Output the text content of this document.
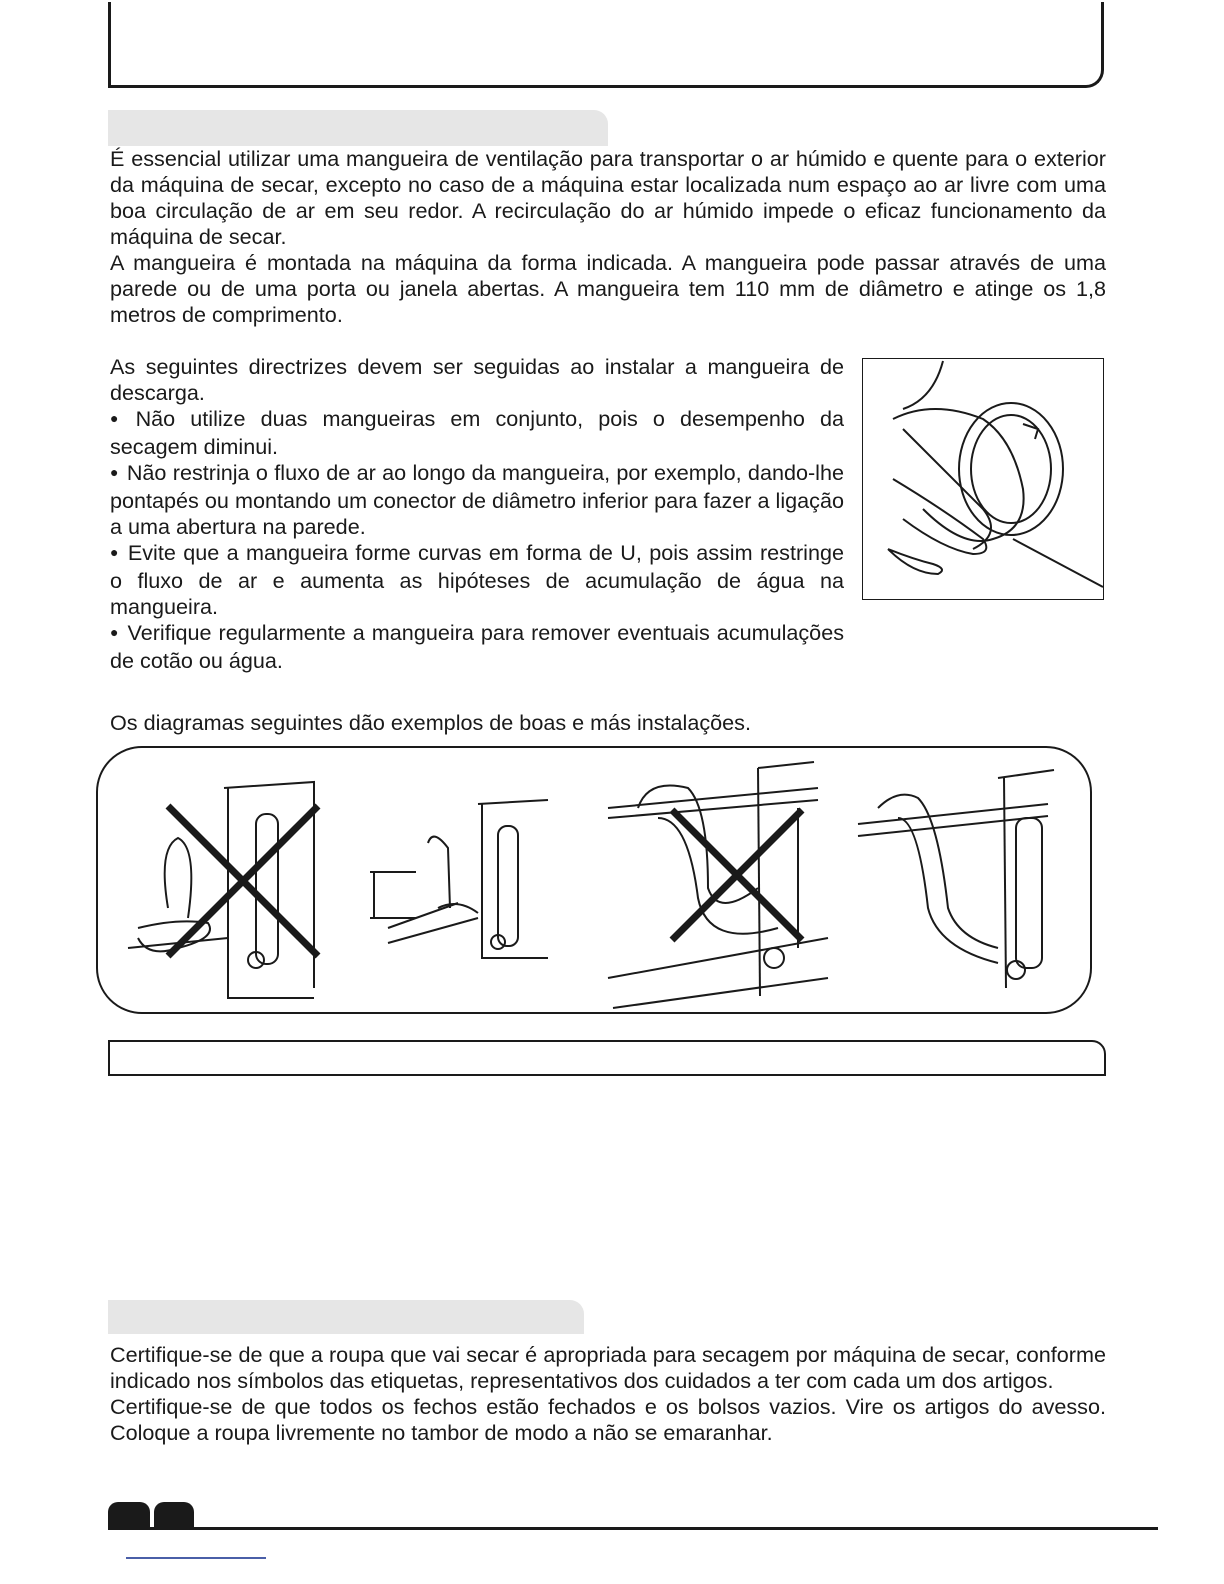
É essencial utilizar uma mangueira de ventilação para transportar o ar húmido e quente para o exterior da máquina de secar, excepto no caso de a máquina estar localizada num espaço ao ar livre com uma boa circulação de ar em seu redor. A recirculação do ar húmido impede o eficaz funcionamento da máquina de secar.

A mangueira é montada na máquina da forma indicada. A mangueira pode passar através de uma parede ou de uma porta ou janela abertas. A mangueira tem 110 mm de diâmetro e atinge os 1,8 metros de comprimento.

As seguintes directrizes devem ser seguidas ao instalar a mangueira de descarga.

● Não utilize duas mangueiras em conjunto, pois o desempenho da secagem diminui.

● Não restrinja o fluxo de ar ao longo da mangueira, por exemplo, dando-lhe pontapés ou montando um conector de diâmetro inferior para fazer a ligação a uma abertura na parede.

● Evite que a mangueira forme curvas em forma de U, pois assim restringe o fluxo de ar e aumenta as hipóteses de acumulação de água na mangueira.

● Verifique regularmente a mangueira para remover eventuais acumulações de cotão ou água.

Os diagramas seguintes dão exemplos de boas e más instalações.

Certifique-se de que a roupa que vai secar é apropriada para secagem por máquina de secar, conforme indicado nos símbolos das etiquetas, representativos dos cuidados a ter com cada um dos artigos.

Certifique-se de que todos os fechos estão fechados e os bolsos vazios. Vire os artigos do avesso. Coloque a roupa livremente no tambor de modo a não se emaranhar.
